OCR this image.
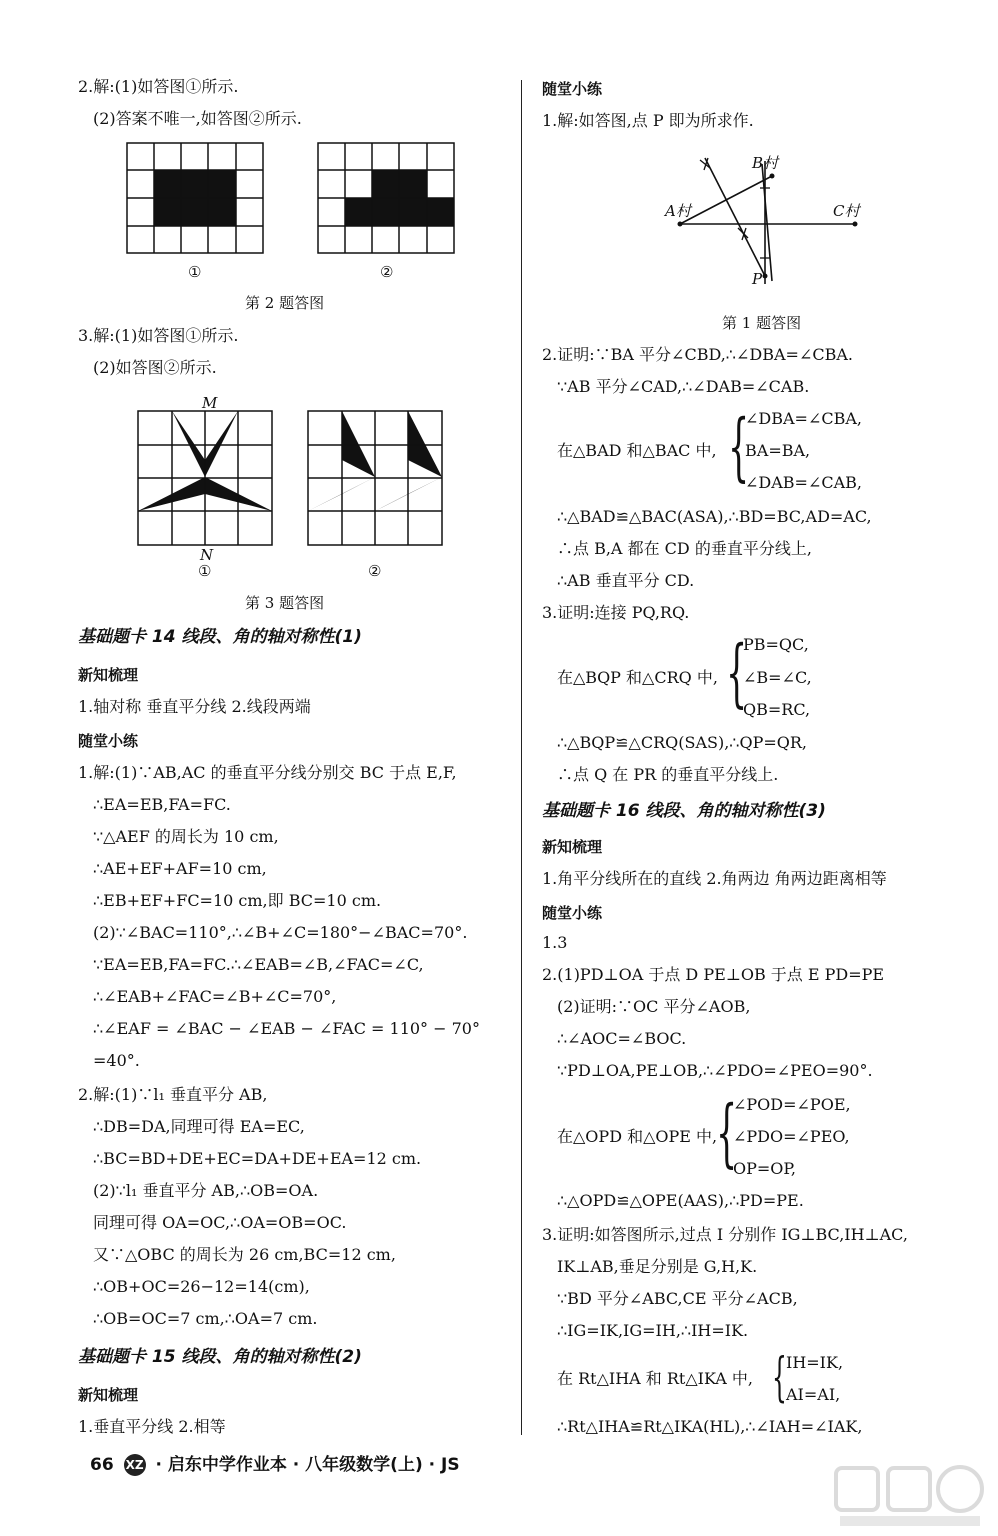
2.解:(1)如答图①所示.
(2)答案不唯一,如答图②所示.
①	②
第 2 题答图
3.解:(1)如答图①所示.
(2)如答图②所示.
M
N
①	②
第 3 题答图
基础题卡 14 线段、角的轴对称性(1)
新知梳理
1.轴对称 垂直平分线 2.线段两端
随堂小练
1.解:(1)∵AB,AC 的垂直平分线分别交 BC 于点 E,F,
∴EA=EB,FA=FC.
∵△AEF 的周长为 10 cm,
∴AE+EF+AF=10 cm,
∴EB+EF+FC=10 cm,即 BC=10 cm.
(2)∵∠BAC=110°,∴∠B+∠C=180°−∠BAC=70°.
∵EA=EB,FA=FC.∴∠EAB=∠B,∠FAC=∠C,
∴∠EAB+∠FAC=∠B+∠C=70°,
∴∠EAF = ∠BAC − ∠EAB − ∠FAC = 110° − 70°
=40°.
2.解:(1)∵l₁ 垂直平分 AB,
∴DB=DA,同理可得 EA=EC,
∴BC=BD+DE+EC=DA+DE+EA=12 cm.
(2)∵l₁ 垂直平分 AB,∴OB=OA.
同理可得 OA=OC,∴OA=OB=OC.
又∵△OBC 的周长为 26 cm,BC=12 cm,
∴OB+OC=26−12=14(cm),
∴OB=OC=7 cm,∴OA=7 cm.
基础题卡 15 线段、角的轴对称性(2)
新知梳理
1.垂直平分线 2.相等
随堂小练
1.解:如答图,点 P 即为所求作.
B村
A村	C村
P
第 1 题答图
2.证明:∵BA 平分∠CBD,∴∠DBA=∠CBA.
∵AB 平分∠CAD,∴∠DAB=∠CAB.
在△BAD 和△BAC 中, {
∠DBA=∠CBA,
BA=BA,
∠DAB=∠CAB,
∴△BAD≌△BAC(ASA),∴BD=BC,AD=AC,
∴点 B,A 都在 CD 的垂直平分线上,
∴AB 垂直平分 CD.
3.证明:连接 PQ,RQ.
在△BQP 和△CRQ 中, {
PB=QC,
∠B=∠C,
QB=RC,
∴△BQP≌△CRQ(SAS),∴QP=QR,
∴点 Q 在 PR 的垂直平分线上.
基础题卡 16 线段、角的轴对称性(3)
新知梳理
1.角平分线所在的直线 2.角两边 角两边距离相等
随堂小练
1.3
2.(1)PD⊥OA 于点 D PE⊥OB 于点 E PD=PE
(2)证明:∵OC 平分∠AOB,
∴∠AOC=∠BOC.
∵PD⊥OA,PE⊥OB,∴∠PDO=∠PEO=90°.
在△OPD 和△OPE 中,
{
∠POD=∠POE,
∠PDO=∠PEO,
OP=OP,
∴△OPD≌△OPE(AAS),∴PD=PE.
3.证明:如答图所示,过点 I 分别作 IG⊥BC,IH⊥AC,
IK⊥AB,垂足分别是 G,H,K.
∵BD 平分∠ABC,CE 平分∠ACB,
∴IG=IK,IG=IH,∴IH=IK.
在 Rt△IHA 和 Rt△IKA 中, { IH=IK,
AI=AI,
∴Rt△IHA≌Rt△IKA(HL),∴∠IAH=∠IAK,
66 XZ · 启东中学作业本 · 八年级数学(上) · JS
